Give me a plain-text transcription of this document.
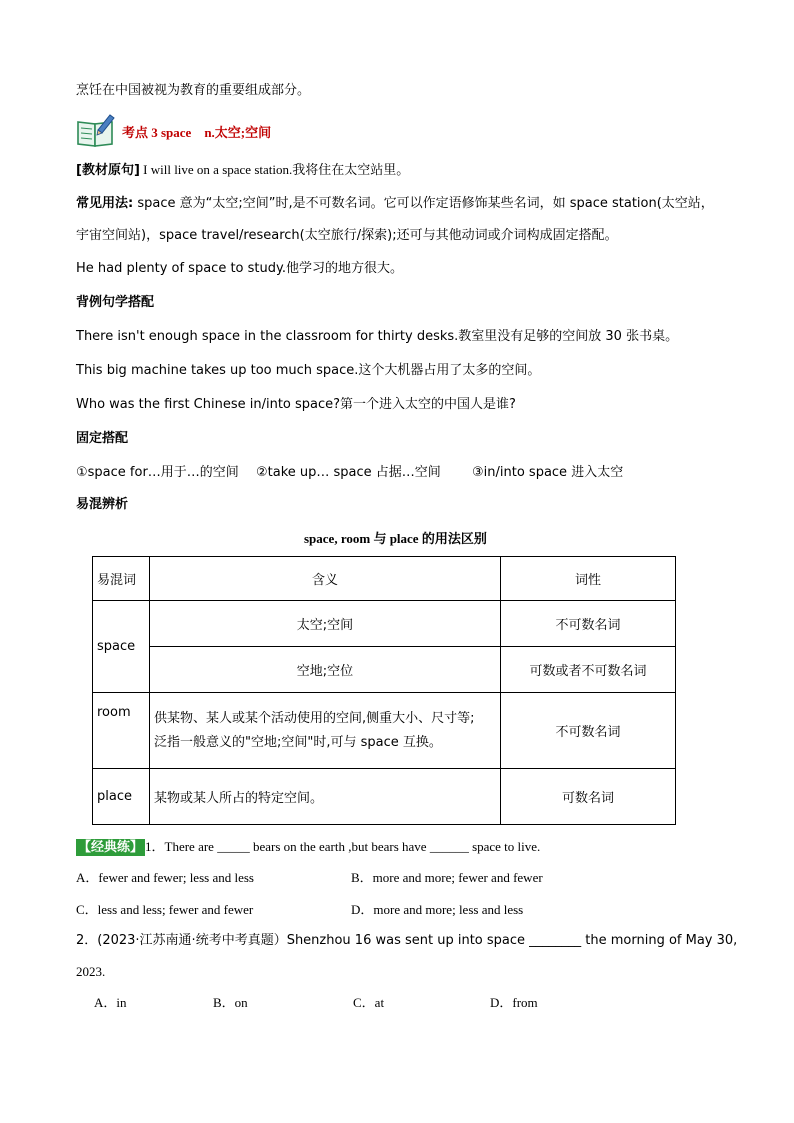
烹饪在中国被视为教育的重要组成部分。
考点 3 space　n.太空;空间
[教材原句] I will live on a space station.我将住在太空站里。
常见用法: space 意为“太空;空间”时,是不可数名词。它可以作定语修饰某些名词，如 space station(太空站，
宇宙空间站)，space travel/research(太空旅行/探索);还可与其他动词或介词构成固定搭配。
He had plenty of space to study.他学习的地方很大。
背例句学搭配
There isn't enough space in the classroom for thirty desks.教室里没有足够的空间放 30 张书桌。
This big machine takes up too much space.这个大机器占用了太多的空间。
Who was the first Chinese in/into space?第一个进入太空的中国人是谁?
固定搭配
①space for…用于…的空间 ②take up… space 占据…空间 ③in/into space 进入太空
易混辨析
space, room 与 place 的用法区别
易混词	含义	词性
space	太空;空间	不可数名词
	空地;空位	可数或者不可数名词
room	供某物、某人或某个活动使用的空间,侧重大小、尺寸等;
泛指一般意义的"空地;空间"时,可与 space 互换。	不可数名词
place	某物或某人所占的特定空间。	可数名词
【经典练】 1．There are _____ bears on the earth ,but bears have ______ space to live.
A．fewer and fewer; less and less	B．more and more; fewer and fewer
C．less and less; fewer and fewer	D．more and more; less and less
2．(2023·江苏南通·统考中考真题）Shenzhou 16 was sent up into space ________ the morning of May 30,
2023.
A．in	B．on	C．at	D．from
